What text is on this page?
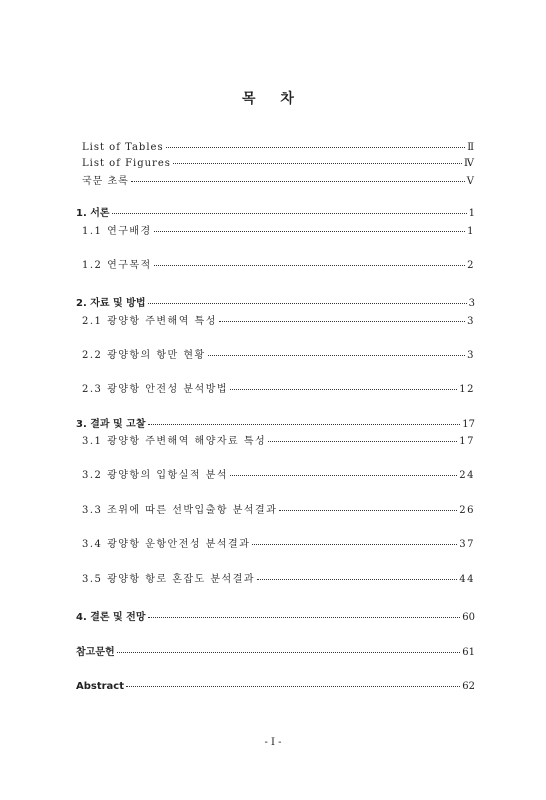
목 차
List of Tables	Ⅱ
List of Figures	Ⅳ
국문 초록	Ⅴ
1. 서론	1
1.1 연구배경	1
1.2 연구목적	2
2. 자료 및 방법	3
2.1 광양항 주변해역 특성	3
2.2 광양항의 항만 현황	3
2.3 광양항 안전성 분석방법	12
3. 결과 및 고찰	17
3.1 광양항 주변해역 해양자료 특성	17
3.2 광양항의 입항실적 분석	24
3.3 조위에 따른 선박입출항 분석결과	26
3.4 광양항 운항안전성 분석결과	37
3.5 광양항 항로 혼잡도 분석결과	44
4. 결론 및 전망	60
참고문헌	61
Abstract	62
- Ⅰ -
